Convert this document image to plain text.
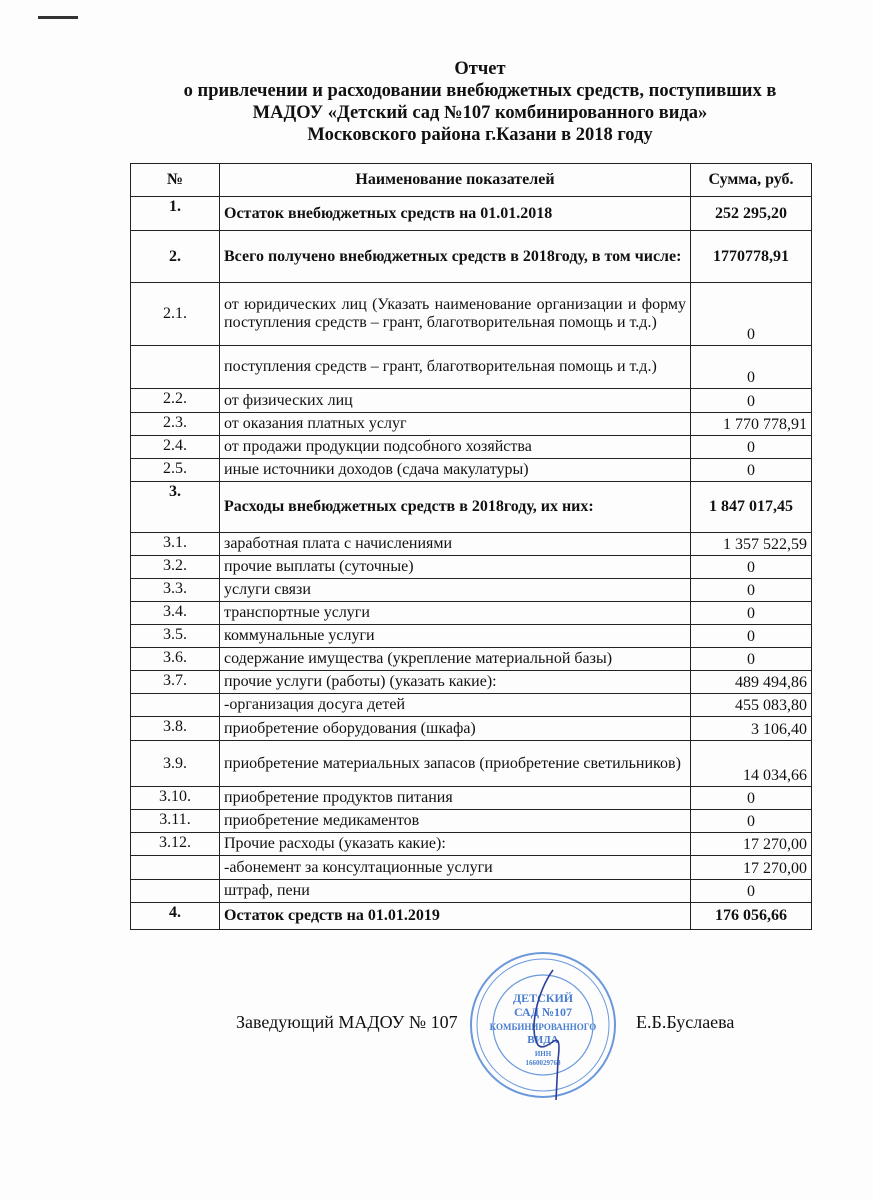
Отчет
о привлечении и расходовании внебюджетных средств, поступивших в
МАДОУ «Детский сад №107 комбинированного вида»
Московского района г.Казани в 2018 году
№	Наименование показателей	Сумма, руб.
1.	Остаток внебюджетных средств на 01.01.2018	252 295,20
2.	Всего получено внебюджетных средств в 2018году, в том числе:	1770778,91
2.1.	от юридических лиц (Указать наименование организации и форму поступления средств – грант, благотворительная помощь и т.д.)	0
	поступления средств – грант, благотворительная помощь и т.д.)	0
2.2.	от физических лиц	0
2.3.	от оказания платных услуг	1 770 778,91
2.4.	от продажи продукции подсобного хозяйства	0
2.5.	иные источники доходов (сдача макулатуры)	0
3.	Расходы внебюджетных средств в 2018году, их них:	1 847 017,45
3.1.	заработная плата с начислениями	1 357 522,59
3.2.	прочие выплаты (суточные)	0
3.3.	услуги связи	0
3.4.	транспортные услуги	0
3.5.	коммунальные услуги	0
3.6.	содержание имущества (укрепление материальной базы)	0
3.7.	прочие услуги (работы) (указать какие):	489 494,86
	-организация досуга детей	455 083,80
3.8.	приобретение оборудования (шкафа)	3 106,40
3.9.	приобретение материальных запасов (приобретение светильников)	14 034,66
3.10.	приобретение продуктов питания	0
3.11.	приобретение медикаментов	0
3.12.	Прочие расходы (указать какие):	17 270,00
	-абонемент за консултационные услуги	17 270,00
	штраф, пени	0
4.	Остаток средств на 01.01.2019	176 056,66
Заведующий МАДОУ № 107	Е.Б.Буслаева
ДЕТСКИЙ
САД №107
КОМБИНИРОВАННОГО
ВИДА
ИНН
1660029768
